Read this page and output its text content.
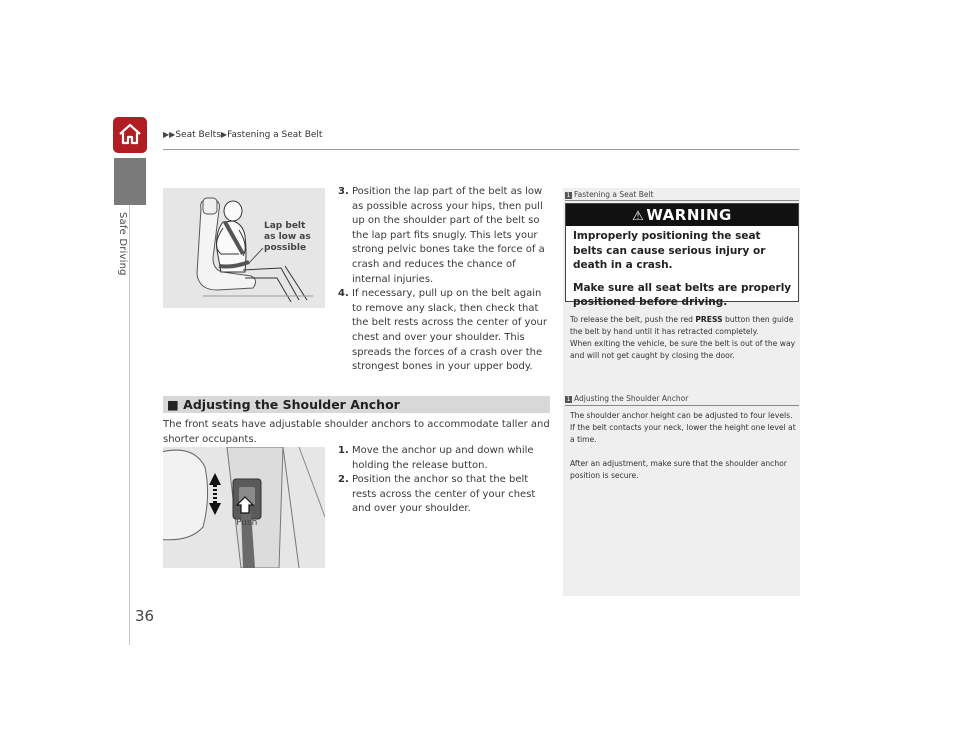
Safe Driving
▶▶Seat Belts▶Fastening a Seat Belt
Lap belt
as low as
possible

3. Position the lap part of the belt as low as possible across your hips, then pull up on the shoulder part of the belt so the lap part fits snugly. This lets your strong pelvic bones take the force of a crash and reduces the chance of internal injuries.

4. If necessary, pull up on the belt again to remove any slack, then check that the belt rests across the center of your chest and over your shoulder. This spreads the forces of a crash over the strongest bones in your upper body.

■ Adjusting the Shoulder Anchor
The front seats have adjustable shoulder anchors to accommodate taller and shorter occupants.
Push

1. Move the anchor up and down while holding the release button.

2. Position the anchor so that the belt rests across the center of your chest and over your shoulder.

1 Fastening a Seat Belt
⚠ WARNING

Improperly positioning the seat belts can cause serious injury or death in a crash.

Make sure all seat belts are properly positioned before driving.

To release the belt, push the red PRESS button then guide the belt by hand until it has retracted completely.

When exiting the vehicle, be sure the belt is out of the way and will not get caught by closing the door.

1 Adjusting the Shoulder Anchor

The shoulder anchor height can be adjusted to four levels. If the belt contacts your neck, lower the height one level at a time.

After an adjustment, make sure that the shoulder anchor position is secure.

36
